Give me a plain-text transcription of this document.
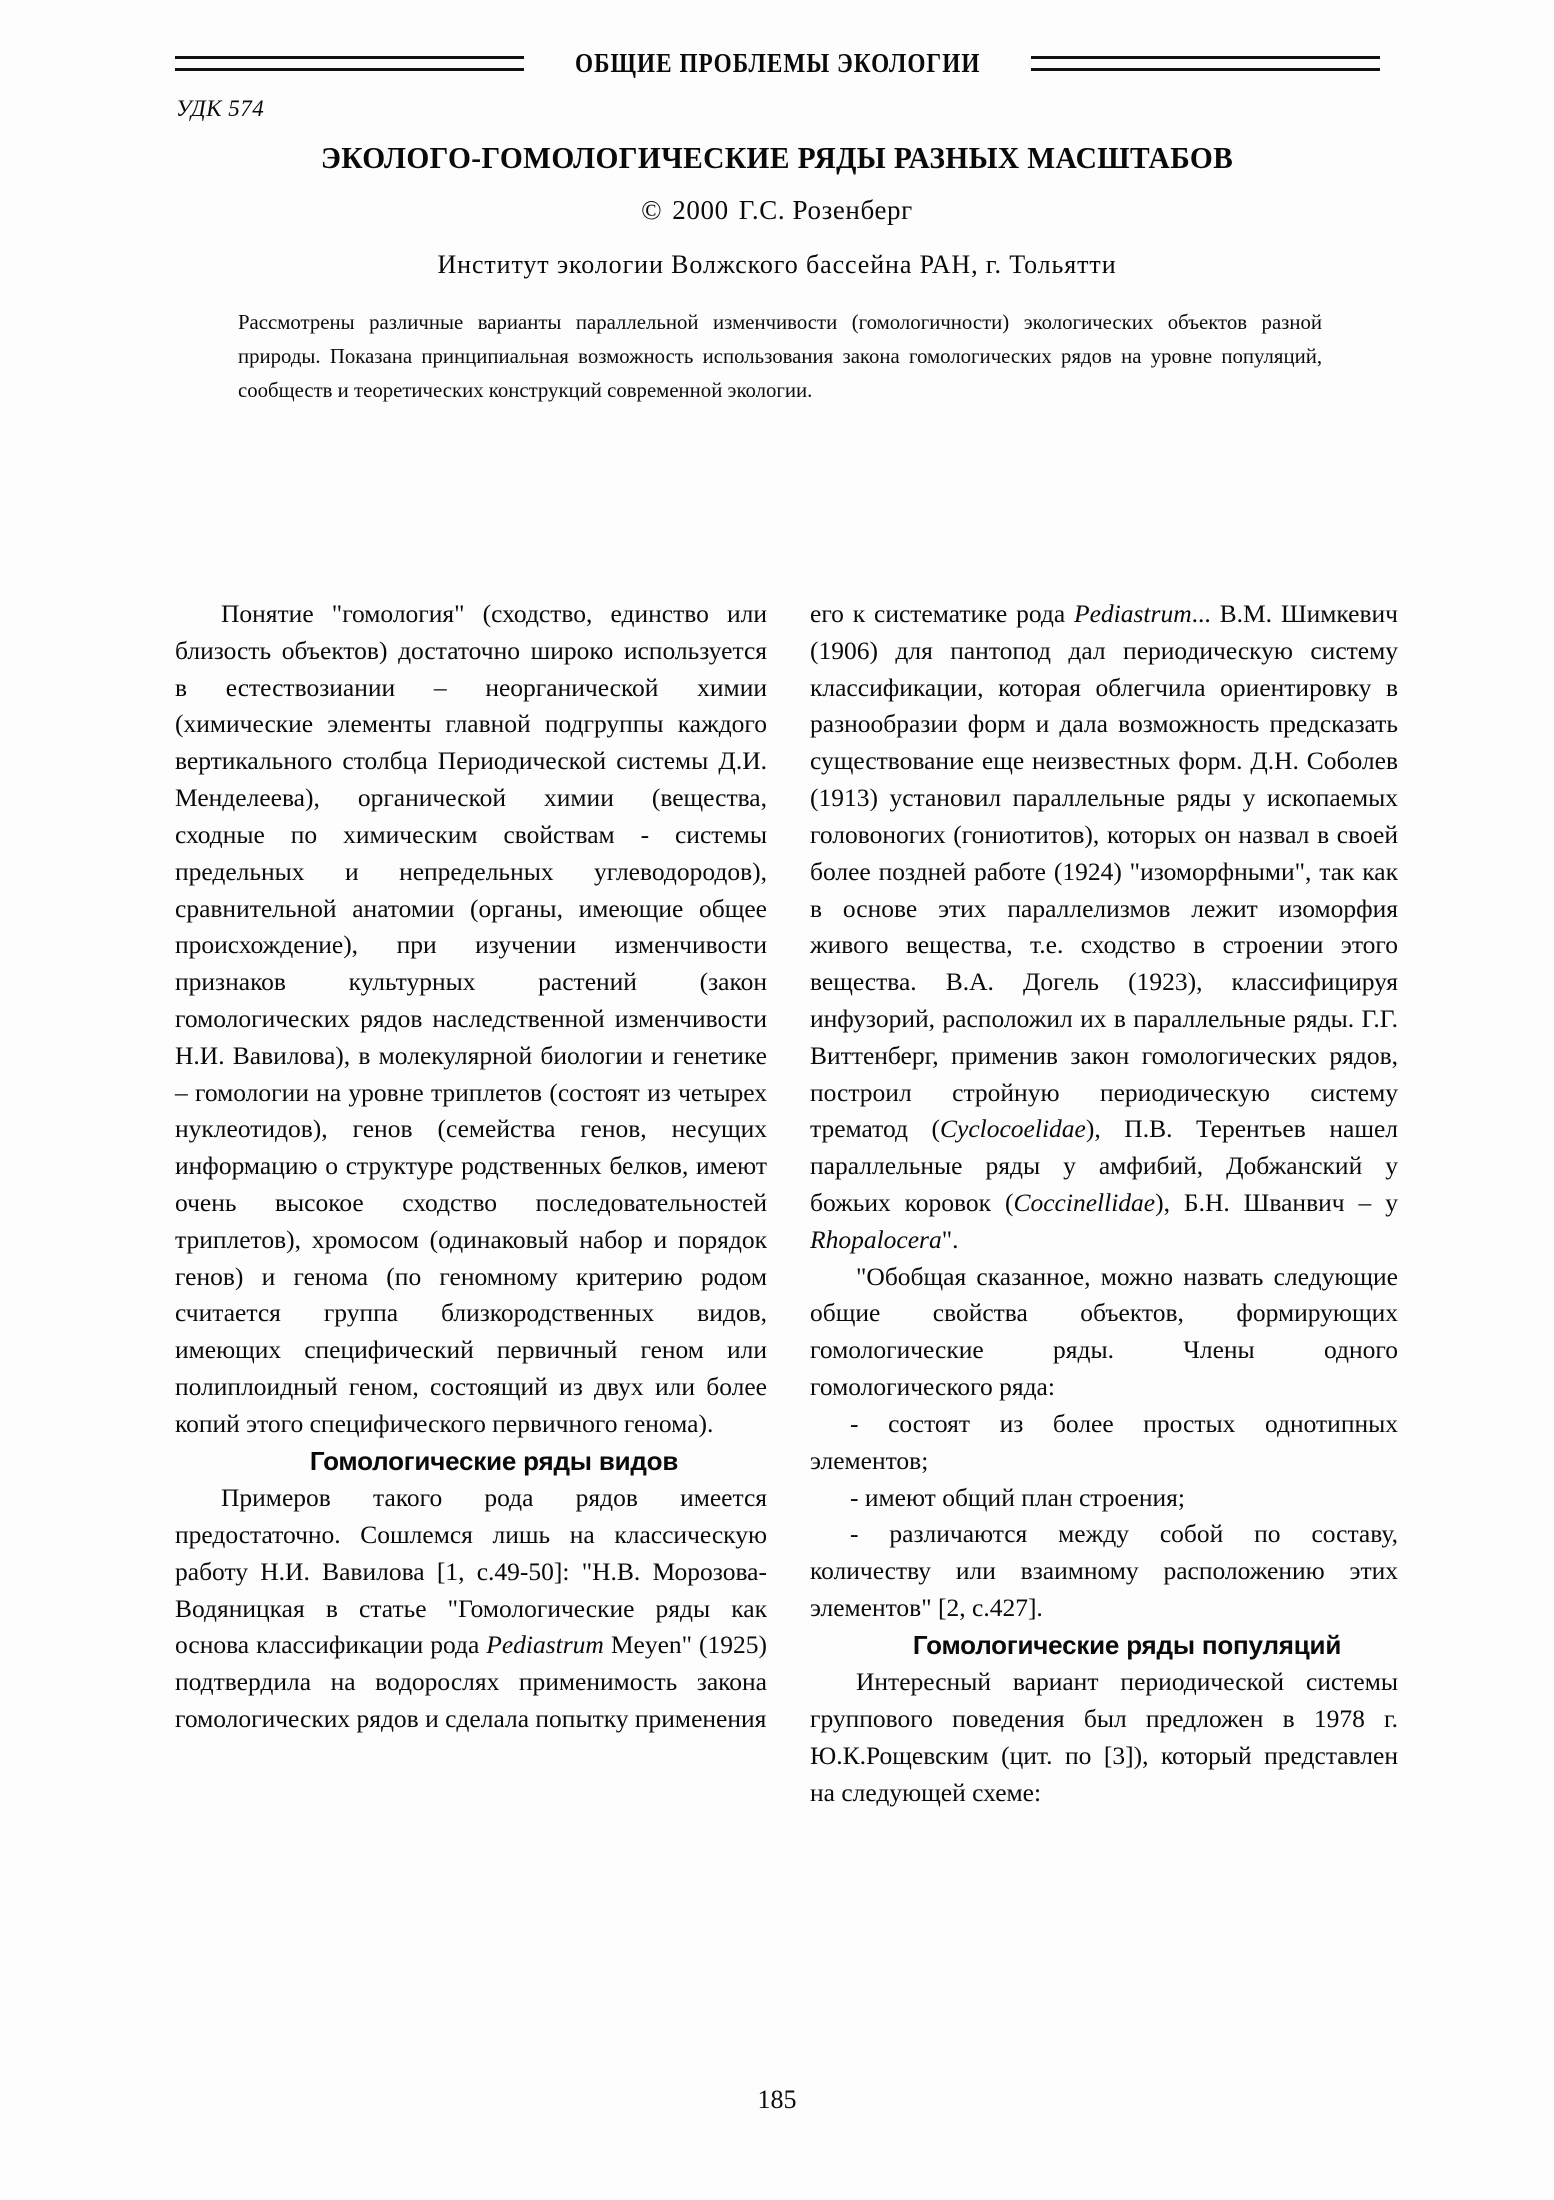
ОБЩИЕ ПРОБЛЕМЫ ЭКОЛОГИИ
УДК 574
ЭКОЛОГО-ГОМОЛОГИЧЕСКИЕ РЯДЫ РАЗНЫХ МАСШТАБОВ
© 2000 Г.С. Розенберг
Институт экологии Волжского бассейна РАН, г. Тольятти

Рассмотрены различные варианты параллельной изменчивости (гомологичности) экологических объектов разной природы. Показана принципиальная возможность использования закона гомологических рядов на уровне популяций, сообществ и теоретических конструкций современной экологии.

Понятие "гомология" (сходство, единство или близость объектов) достаточно широко используется в естествозиании – неорганической химии (химические элементы главной подгруппы каждого вертикального столбца Периодической системы Д.И. Менделеева), органической химии (вещества, сходные по химическим свойствам - системы предельных и непредельных углеводородов), сравнительной анатомии (органы, имеющие общее происхождение), при изучении изменчивости признаков культурных растений (закон гомологических рядов наследственной изменчивости Н.И. Вавилова), в молекулярной биологии и генетике – гомологии на уровне триплетов (состоят из четырех нуклеотидов), генов (семейства генов, несущих информацию о структуре родственных белков, имеют очень высокое сходство последовательностей триплетов), хромосом (одинаковый набор и порядок генов) и генома (по геномному критерию родом считается группа близкородственных видов, имеющих специфический первичный геном или полиплоидный геном, состоящий из двух или более копий этого специфического первичного генома).

Гомологические ряды видов

Примеров такого рода рядов имеется предостаточно. Сошлемся лишь на классическую работу Н.И. Вавилова [1, с.49-50]: "Н.В. Морозова-Водяницкая в статье "Гомологические ряды как основа классификации рода Pediastrum Meyen" (1925) подтвердила на водорослях применимость закона гомологических рядов и сделала попытку применения

его к систематике рода Pediastrum... В.М. Шимкевич (1906) для пантопод дал периодическую систему классификации, которая облегчила ориентировку в разнообразии форм и дала возможность предсказать существование еще неизвестных форм. Д.Н. Соболев (1913) установил параллельные ряды у ископаемых головоногих (гониотитов), которых он назвал в своей более поздней работе (1924) "изоморфными", так как в основе этих параллелизмов лежит изоморфия живого вещества, т.е. сходство в строении этого вещества. В.А. Догель (1923), классифицируя инфузорий, расположил их в параллельные ряды. Г.Г. Виттенберг, применив закон гомологических рядов, построил стройную периодическую систему трематод (Cyclocoelidae), П.В. Терентьев нашел параллельные ряды у амфибий, Добжанский у божьих коровок (Coccinellidae), Б.Н. Шванвич – у Rhopalocera".

"Обобщая сказанное, можно назвать следующие общие свойства объектов, формирующих гомологические ряды. Члены одного гомологического ряда:

- состоят из более простых однотипных элементов;

- имеют общий план строения;

- различаются между собой по составу, количеству или взаимному расположению этих элементов" [2, с.427].

Гомологические ряды популяций

Интересный вариант периодической системы группового поведения был предложен в 1978 г. Ю.К.Рощевским (цит. по [3]), который представлен на следующей схеме:

185
